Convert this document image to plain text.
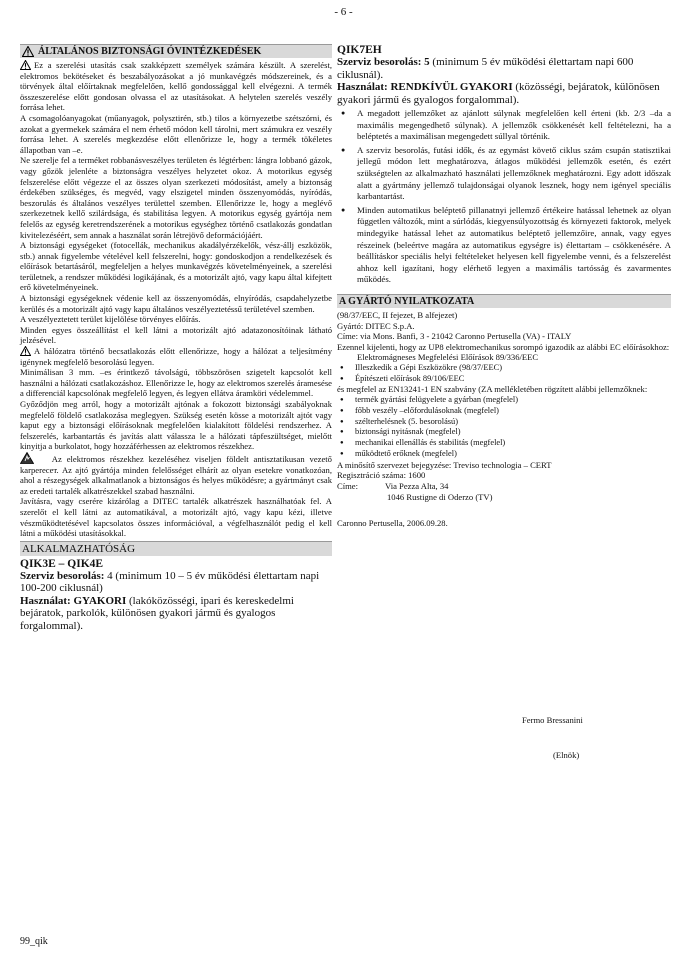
- 6 -
ÁLTALÁNOS BIZTONSÁGI ÓVINTÉZKEDÉSEK

Ez a szerelési utasítás csak szakképzett személyek számára készült. A szerelést, elektromos bekötéseket és beszabályozásokat a jó munkavégzés módszereinek, és a törvények által előírtaknak megfelelően, kellő gondossággal kell elvégezni. A termék összeszerelése előtt gondosan olvassa el az utasításokat. A helytelen szerelés veszély forrása lehet.

A csomagolóanyagokat (műanyagok, polysztirén, stb.) tilos a környezetbe szétszórni, és azokat a gyermekek számára el nem érhető módon kell tárolni, mert számukra ez veszély forrása lehet. A szerelés megkezdése előtt ellenőrizze le, hogy a termék tökéletes állapotban van –e.

Ne szerelje fel a terméket robbanásveszélyes területen és légtérben: lángra lobbanó gázok, vagy gőzök jelenléte a biztonságra veszélyes helyzetet okoz. A motorikus egység felszerelése előtt végezze el az összes olyan szerkezeti módosítást, amely a biztonság érdekében szükséges, és megvéd, vagy elszigetel minden összenyomódás, nyíródás, beszorulás és általános veszélyes területtel szemben. Ellenőrizze le, hogy a meglévő szerkezetnek kellő szilárdsága, és stabilitása legyen. A motorikus egység gyártója nem felelős az egység keretrendszerének a motorikus egységhez történő csatlakozás gondatlan kivitelezéséért, sem annak a használat során létrejövő deformációjáért.

A biztonsági egységeket (fotocellák, mechanikus akadályérzékelők, vész-állj eszközök, stb.) annak figyelembe vételével kell felszerelni, hogy: gondoskodjon a rendelkezések és előírások betartásáról, megfeleljen a helyes munkavégzés követelményeinek, a szerelési területnek, a rendszer működési logikájának, és a motorizált ajtó, vagy kapu által kifejtett erő követelményeinek.

A biztonsági egységeknek védenie kell az összenyomódás, elnyíródás, csapdahelyzetbe kerülés és a motorizált ajtó vagy kapu általános veszélyeztetéssű területével szemben.

A veszélyeztetett terület kijelölése törvényes előírás.

Minden egyes összeállítást el kell látni a motorizált ajtó adatazonosítóinak látható jelzésével.

A hálózatra történő becsatlakozás előtt ellenőrizze, hogy a hálózat a teljesítmény igénynek megfelelő besorolású legyen.

Minimálisan 3 mm. –es érintkező távolságú, többszörösen szigetelt kapcsolót kell használni a hálózati csatlakozáshoz. Ellenőrizze le, hogy az elektromos szerelés áramesése a differenciál kapcsolónak megfelelő legyen, és legyen ellátva áramköri védelemmel.

Győződjön meg arról, hogy a motorizált ajtónak a fokozott biztonsági szabályoknak megfelelő földelő csatlakozása meglegyen. Szükség esetén kösse a motorizált ajtót vagy kaput egy a biztonsági előírásoknak megfelelően kialakított földelési rendszerhez. A felszerelés, karbantartás és javítás alatt válassza le a hálózati tápfeszültséget, mielőtt kinyitja a burkolatot, hogy hozzáférhessen az elektromos részekhez.

Az elektromos részekhez kezeléséhez viseljen földelt antisztatikusan vezető karpereceт. Az ajtó gyártója minden felelősséget elhárít az olyan esetekre vonatkozóan, ahol a részegységek alkalmatlanok a biztonságos és helyes működésre; a gyártmányt csak az eredeti tartalék alkatrészekkel szabad használni.

Javításra, vagy cserére kizárólag a DITEC tartalék alkatrészek használhatóak fel. A szerelőt el kell látni az automatikával, a motorizált ajtó, vagy kapu kézi, illetve vészműködtetésével kapcsolatos összes információval, a végfelhasználót pedig el kell látni a működési utasításokkal.

ALKALMAZHATÓSÁG
QIK3E – QIK4E

Szerviz besorolás: 4 (minimum 10 – 5 év működési élettartam napi 100-200 ciklusnál)

Használat: GYAKORI (lakóközösségi, ipari és kereskedelmi bejáratok, parkolók, különösen gyakori jármű és gyalogos forgalommal).

QIK7EH

Szerviz besorolás: 5 (minimum 5 év működési élettartam napi 600 ciklusnál).

Használat: RENDKÍVÜL GYAKORI (közösségi, bejáratok, különösen gyakori jármű és gyalogos forgalommal).

● A megadott jellemzőket az ajánlott súlynak megfelelően kell érteni (kb. 2/3 –da a maximális megengedhető súlynak). A jellemzők csökkenését kell feltételezni, ha a beléptetés a maximálisan megengedett súllyal történik.
● A szerviz besorolás, futási idők, és az egymást követő ciklus szám csupán statisztikai jellegű módon lett meghatározva, átlagos működési jellemzők esetén, és ezért szükségtelen az alkalmazható használati jellemzőknek meghatározni. Egy adott időszak alatt a gyártmány jellemző tulajdonságai olyanok lesznek, hogy nem igényel speciális karbantartást.
● Minden automatikus beléptető pillanatnyi jellemző értékeire hatással lehetnek az olyan független változók, mint a súrlódás, kiegyensúlyozottság és környezeti faktorok, melyek mindegyike hatással lehet az automatikus beléptető jellemzőire, annak, vagy egyes részeinek (beleértve magára az automatikus egységre is) élettartam – csökkenésére. A beállításkor speciális helyi feltételeket helyesen kell figyelembe venni, és a felszerelést ahhoz kell igazítani, hogy elérhető legyen a maximális tartósság és zavarmentes működés.
A GYÁRTÓ NYILATKOZATA

(98/37/EEC, II fejezet, B alfejezet)

Gyártó: DITEC S.p.A.

Címe: via Mons. Banfi, 3 - 21042 Caronno Pertusella (VA) - ITALY

Ezennel kijelenti, hogy az UP8 elektromechanikus sorompó igazodik az alábbi EC előírásokhoz:

Elektromágneses Megfelelési Előírások 89/336/EEC

● Illeszkedik a Gépi Eszközökre (98/37/EEC)
● Építészeti előírások 89/106/EEC

és megfelel az EN13241-1 EN szabvány (ZA mellékletében rögzített alábbi jellemzőknek:

● termék gyártási felügyelete a gyárban (megfelel)
● főbb veszély –előfordulásoknak (megfelel)
● szélterhelésnek (5. besorolású)
● biztonsági nyitásnak (megfelel)
● mechanikai ellenállás és stabilitás (megfelel)
● működtető erőknek (megfelel)

A minősítő szervezet bejegyzése: Treviso technologia – CERT

Regisztráció száma: 1600

Címe:	Via Pezza Alta, 34
1046 Rustigne di Oderzo (TV)

Caronno Pertusella, 2006.09.28.

Fermo Bressanini
(Elnök)
99_qik
